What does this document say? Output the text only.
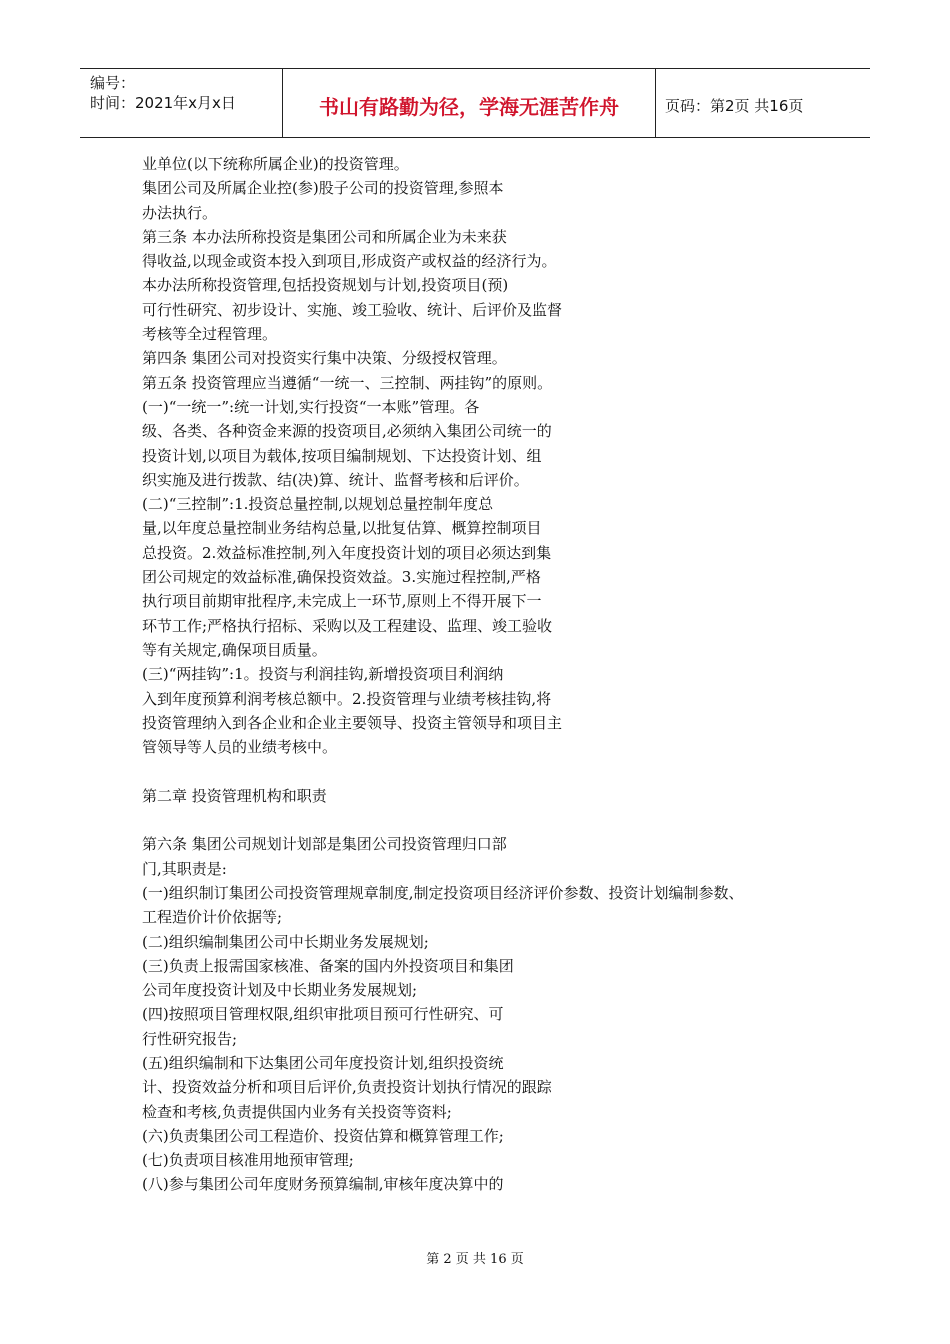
编号：
时间：2021年x月x日	书山有路勤为径，学海无涯苦作舟	页码：第2页 共16页
业单位(以下统称所属企业)的投资管理。
集团公司及所属企业控(参)股子公司的投资管理,参照本
办法执行。
第三条 本办法所称投资是集团公司和所属企业为未来获
得收益,以现金或资本投入到项目,形成资产或权益的经济行为。
本办法所称投资管理,包括投资规划与计划,投资项目(预)
可行性研究、初步设计、实施、竣工验收、统计、后评价及监督
考核等全过程管理。
第四条 集团公司对投资实行集中决策、分级授权管理。
第五条 投资管理应当遵循“一统一、三控制、两挂钩”的原则。
(一)“一统一”:统一计划,实行投资“一本账”管理。各
级、各类、各种资金来源的投资项目,必须纳入集团公司统一的
投资计划,以项目为载体,按项目编制规划、下达投资计划、组
织实施及进行拨款、结(决)算、统计、监督考核和后评价。
(二)“三控制”:1.投资总量控制,以规划总量控制年度总
量,以年度总量控制业务结构总量,以批复估算、概算控制项目
总投资。2.效益标准控制,列入年度投资计划的项目必须达到集
团公司规定的效益标准,确保投资效益。3.实施过程控制,严格
执行项目前期审批程序,未完成上一环节,原则上不得开展下一
环节工作;严格执行招标、采购以及工程建设、监理、竣工验收
等有关规定,确保项目质量。
(三)“两挂钩”:1。投资与利润挂钩,新增投资项目利润纳
入到年度预算利润考核总额中。2.投资管理与业绩考核挂钩,将
投资管理纳入到各企业和企业主要领导、投资主管领导和项目主
管领导等人员的业绩考核中。
第二章 投资管理机构和职责
第六条 集团公司规划计划部是集团公司投资管理归口部
门,其职责是:
(一)组织制订集团公司投资管理规章制度,制定投资项目经济评价参数、投资计划编制参数、
工程造价计价依据等;
(二)组织编制集团公司中长期业务发展规划;
(三)负责上报需国家核准、备案的国内外投资项目和集团
公司年度投资计划及中长期业务发展规划;
(四)按照项目管理权限,组织审批项目预可行性研究、可
行性研究报告;
(五)组织编制和下达集团公司年度投资计划,组织投资统
计、投资效益分析和项目后评价,负责投资计划执行情况的跟踪
检查和考核,负责提供国内业务有关投资等资料;
(六)负责集团公司工程造价、投资估算和概算管理工作;
(七)负责项目核准用地预审管理;
(八)参与集团公司年度财务预算编制,审核年度决算中的
第 2 页 共 16 页
